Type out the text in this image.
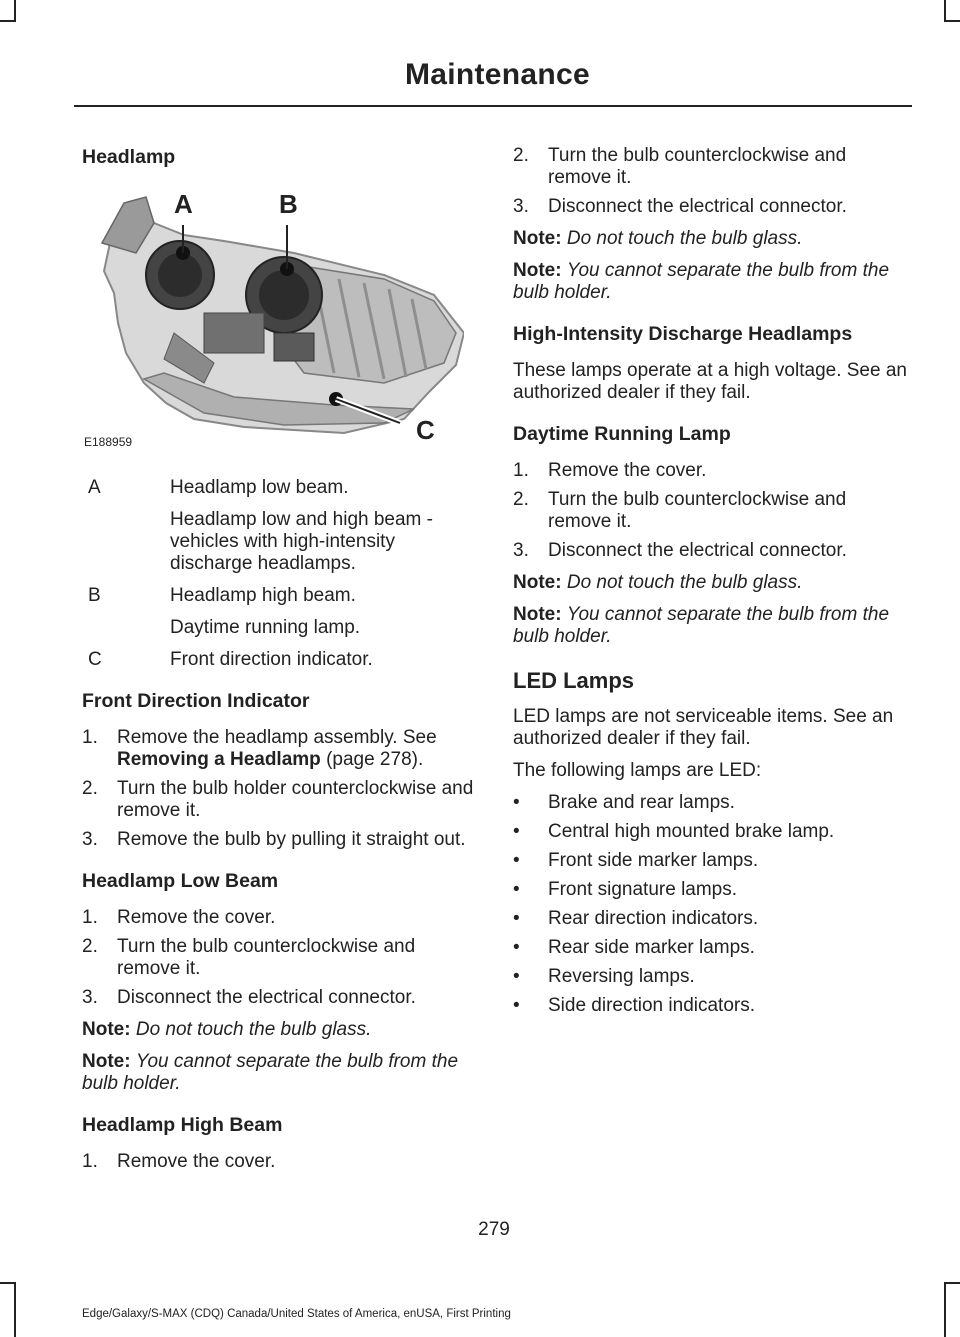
Maintenance
Headlamp
A	B
C
E188959
A	Headlamp low beam.
Headlamp low and high beam - vehicles with high-intensity discharge headlamps.
B	Headlamp high beam.
Daytime running lamp.
C	Front direction indicator.
Front Direction Indicator
1. Remove the headlamp assembly. See Removing a Headlamp (page 278).
2. Turn the bulb holder counterclockwise and remove it.
3. Remove the bulb by pulling it straight out.
Headlamp Low Beam
1. Remove the cover.
2. Turn the bulb counterclockwise and remove it.
3. Disconnect the electrical connector.

Note: Do not touch the bulb glass.

Note: You cannot separate the bulb from the bulb holder.

Headlamp High Beam
1. Remove the cover.
2. Turn the bulb counterclockwise and remove it.
3. Disconnect the electrical connector.

Note: Do not touch the bulb glass.

Note: You cannot separate the bulb from the bulb holder.

High-Intensity Discharge Headlamps

These lamps operate at a high voltage. See an authorized dealer if they fail.

Daytime Running Lamp
1. Remove the cover.
2. Turn the bulb counterclockwise and remove it.
3. Disconnect the electrical connector.

Note: Do not touch the bulb glass.

Note: You cannot separate the bulb from the bulb holder.

LED Lamps

LED lamps are not serviceable items. See an authorized dealer if they fail.

The following lamps are LED:

• Brake and rear lamps.
• Central high mounted brake lamp.
• Front side marker lamps.
• Front signature lamps.
• Rear direction indicators.
• Rear side marker lamps.
• Reversing lamps.
• Side direction indicators.
279
Edge/Galaxy/S-MAX (CDQ) Canada/United States of America, enUSA, First Printing
